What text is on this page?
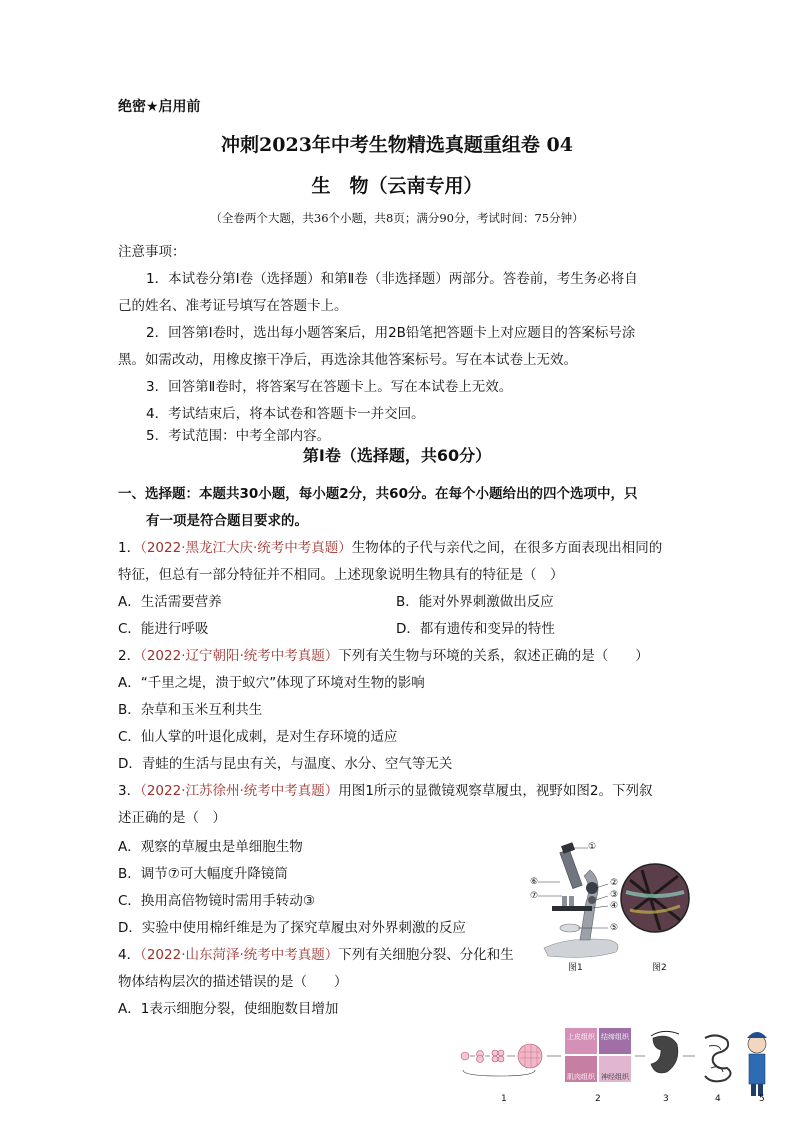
绝密★启用前
冲刺2023年中考生物精选真题重组卷 04
生　物（云南专用）
（全卷两个大题，共36个小题，共8页；满分90分，考试时间：75分钟）
注意事项：
1．本试卷分第Ⅰ卷（选择题）和第Ⅱ卷（非选择题）两部分。答卷前，考生务必将自
己的姓名、准考证号填写在答题卡上。
2．回答第Ⅰ卷时，选出每小题答案后，用2B铅笔把答题卡上对应题目的答案标号涂
黑。如需改动，用橡皮擦干净后，再选涂其他答案标号。写在本试卷上无效。
3．回答第Ⅱ卷时，将答案写在答题卡上。写在本试卷上无效。
4．考试结束后，将本试卷和答题卡一并交回。
5．考试范围：中考全部内容。
第Ⅰ卷（选择题，共60分）
一、选择题：本题共30小题，每小题2分，共60分。在每个小题给出的四个选项中，只
有一项是符合题目要求的。
1．（2022·黑龙江大庆·统考中考真题）生物体的子代与亲代之间，在很多方面表现出相同的
特征，但总有一部分特征并不相同。上述现象说明生物具有的特征是（　）
A．生活需要营养	B．能对外界刺激做出反应
C．能进行呼吸	D．都有遗传和变异的特性
2．（2022·辽宁朝阳·统考中考真题）下列有关生物与环境的关系，叙述正确的是（　　）
A．“千里之堤，溃于蚁穴”体现了环境对生物的影响
B．杂草和玉米互利共生
C．仙人掌的叶退化成刺，是对生存环境的适应
D．青蛙的生活与昆虫有关，与温度、水分、空气等无关
3．（2022·江苏徐州·统考中考真题）用图1所示的显微镜观察草履虫，视野如图2。下列叙
述正确的是（　）
A．观察的草履虫是单细胞生物
B．调节⑦可大幅度升降镜筒
C．换用高倍物镜时需用手转动③
D．实验中使用棉纤维是为了探究草履虫对外界刺激的反应
4．（2022·山东菏泽·统考中考真题）下列有关细胞分裂、分化和生
物体结构层次的描述错误的是（　　）
A．1表示细胞分裂，使细胞数目增加
①
②
③
④
⑤
⑥
⑦
图1	图2
上皮组织 结缔组织
肌肉组织 神经组织
1	2	3	4	5
